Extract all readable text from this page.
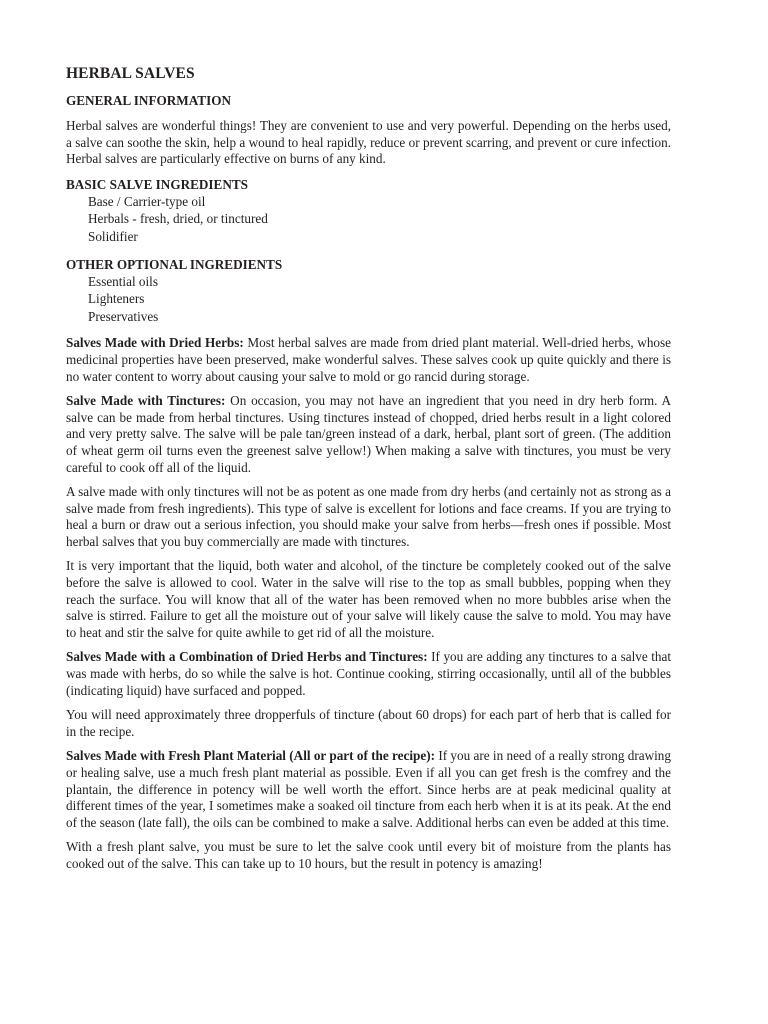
HERBAL SALVES
GENERAL INFORMATION

Herbal salves are wonderful things! They are convenient to use and very powerful. Depending on the herbs used, a salve can soothe the skin, help a wound to heal rapidly, reduce or prevent scarring, and prevent or cure infection. Herbal salves are particularly effective on burns of any kind.

BASIC SALVE INGREDIENTS
Base / Carrier-type oil
Herbals - fresh, dried, or tinctured
Solidifier
OTHER OPTIONAL INGREDIENTS
Essential oils
Lighteners
Preservatives

Salves Made with Dried Herbs: Most herbal salves are made from dried plant material. Well-dried herbs, whose medicinal properties have been preserved, make wonderful salves. These salves cook up quite quickly and there is no water content to worry about causing your salve to mold or go rancid during storage.

Salve Made with Tinctures: On occasion, you may not have an ingredient that you need in dry herb form. A salve can be made from herbal tinctures. Using tinctures instead of chopped, dried herbs result in a light colored and very pretty salve. The salve will be pale tan/green instead of a dark, herbal, plant sort of green. (The addition of wheat germ oil turns even the greenest salve yellow!) When making a salve with tinctures, you must be very careful to cook off all of the liquid.

A salve made with only tinctures will not be as potent as one made from dry herbs (and certainly not as strong as a salve made from fresh ingredients). This type of salve is excellent for lotions and face creams. If you are trying to heal a burn or draw out a serious infection, you should make your salve from herbs—fresh ones if possible. Most herbal salves that you buy commercially are made with tinctures.

It is very important that the liquid, both water and alcohol, of the tincture be completely cooked out of the salve before the salve is allowed to cool. Water in the salve will rise to the top as small bubbles, popping when they reach the surface. You will know that all of the water has been removed when no more bubbles arise when the salve is stirred. Failure to get all the moisture out of your salve will likely cause the salve to mold. You may have to heat and stir the salve for quite awhile to get rid of all the moisture.

Salves Made with a Combination of Dried Herbs and Tinctures: If you are adding any tinctures to a salve that was made with herbs, do so while the salve is hot. Continue cooking, stirring occasionally, until all of the bubbles (indicating liquid) have surfaced and popped.

You will need approximately three dropperfuls of tincture (about 60 drops) for each part of herb that is called for in the recipe.

Salves Made with Fresh Plant Material (All or part of the recipe): If you are in need of a really strong drawing or healing salve, use a much fresh plant material as possible. Even if all you can get fresh is the comfrey and the plantain, the difference in potency will be well worth the effort. Since herbs are at peak medicinal quality at different times of the year, I sometimes make a soaked oil tincture from each herb when it is at its peak. At the end of the season (late fall), the oils can be combined to make a salve. Additional herbs can even be added at this time.

With a fresh plant salve, you must be sure to let the salve cook until every bit of moisture from the plants has cooked out of the salve. This can take up to 10 hours, but the result in potency is amazing!
